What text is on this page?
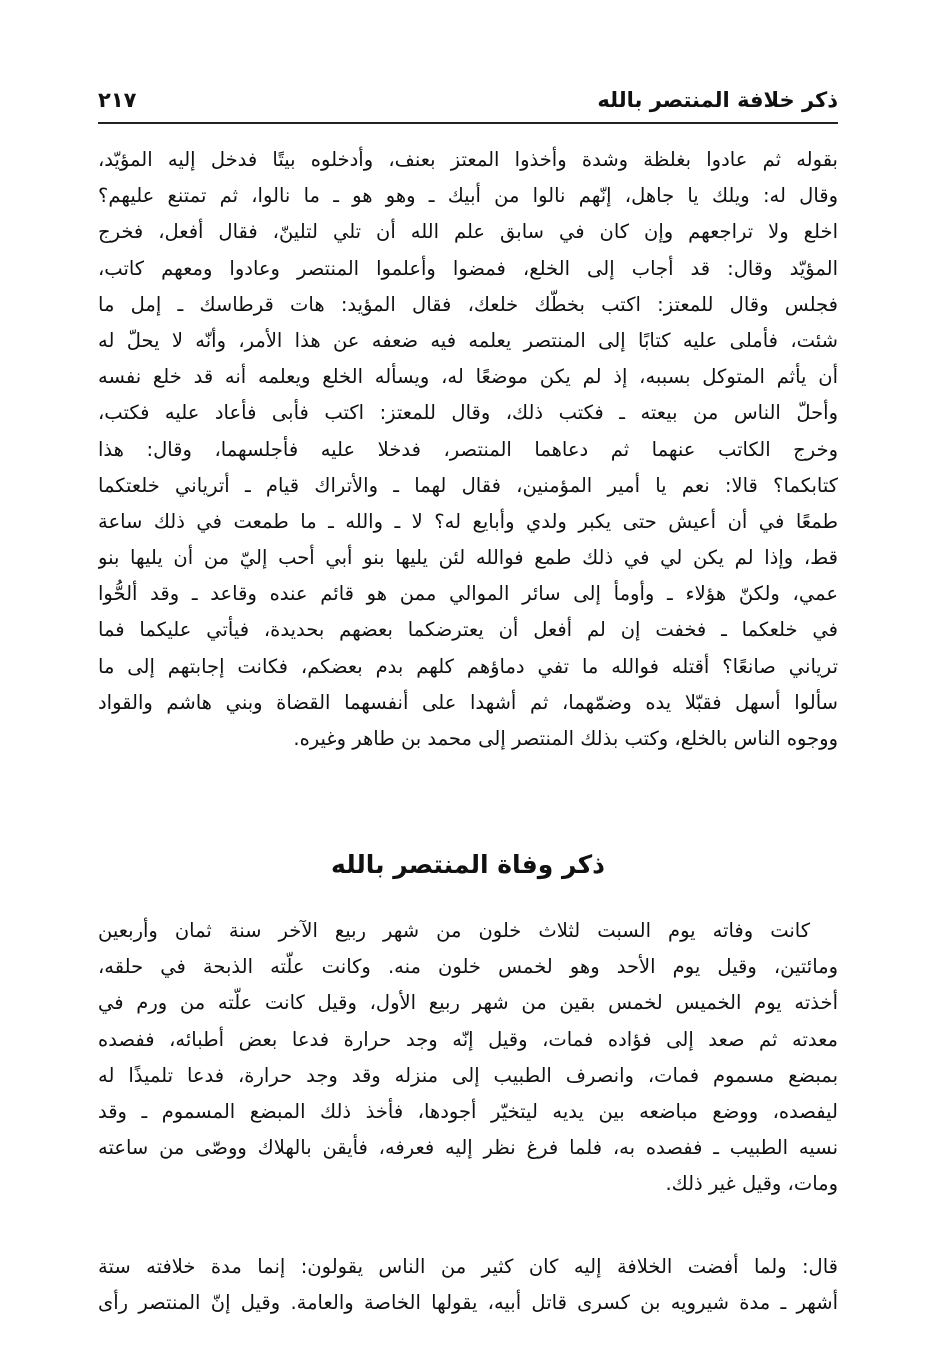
ذكر خلافة المنتصر بالله
٢١٧
بقوله ثم عادوا بغلظة وشدة وأخذوا المعتز بعنف، وأدخلوه بيتًا فدخل إليه المؤيّد،
وقال له: ويلك يا جاهل، إنّهم نالوا من أبيك ـ وهو هو ـ ما نالوا، ثم تمتنع عليهم؟
اخلع ولا تراجعهم وإن كان في سابق علم الله أن تلي لتلينّ، فقال أفعل، فخرج
المؤيّد وقال: قد أجاب إلى الخلع، فمضوا وأعلموا المنتصر وعادوا ومعهم كاتب،
فجلس وقال للمعتز: اكتب بخطّك خلعك، فقال المؤيد: هات قرطاسك ـ إمل ما
شئت، فأملى عليه كتابًا إلى المنتصر يعلمه فيه ضعفه عن هذا الأمر، وأنّه لا يحلّ له
أن يأثم المتوكل بسببه، إذ لم يكن موضعًا له، ويسأله الخلع ويعلمه أنه قد خلع نفسه
وأحلّ الناس من بيعته ـ فكتب ذلك، وقال للمعتز: اكتب فأبى فأعاد عليه فكتب،
وخرج الكاتب عنهما ثم دعاهما المنتصر، فدخلا عليه فأجلسهما، وقال: هذا
كتابكما؟ قالا: نعم يا أمير المؤمنين، فقال لهما ـ والأتراك قيام ـ أترياني خلعتكما
طمعًا في أن أعيش حتى يكبر ولدي وأبايع له؟ لا ـ والله ـ ما طمعت في ذلك ساعة
قط، وإذا لم يكن لي في ذلك طمع فوالله لئن يليها بنو أبي أحب إليّ من أن يليها بنو
عمي، ولكنّ هؤلاء ـ وأومأ إلى سائر الموالي ممن هو قائم عنده وقاعد ـ وقد ألحُّوا
في خلعكما ـ فخفت إن لم أفعل أن يعترضكما بعضهم بحديدة، فيأتي عليكما فما
ترياني صانعًا؟ أقتله فوالله ما تفي دماؤهم كلهم بدم بعضكم، فكانت إجابتهم إلى ما
سألوا أسهل فقبّلا يده وضمّهما، ثم أشهدا على أنفسهما القضاة وبني هاشم والقواد
ووجوه الناس بالخلع، وكتب بذلك المنتصر إلى محمد بن طاهر وغيره.
ذكر وفاة المنتصر بالله
كانت وفاته يوم السبت لثلاث خلون من شهر ربيع الآخر سنة ثمان وأربعين
ومائتين، وقيل يوم الأحد وهو لخمس خلون منه. وكانت علّته الذبحة في حلقه،
أخذته يوم الخميس لخمس بقين من شهر ربيع الأول، وقيل كانت علّته من ورم في
معدته ثم صعد إلى فؤاده فمات، وقيل إنّه وجد حرارة فدعا بعض أطبائه، ففصده
بمبضع مسموم فمات، وانصرف الطبيب إلى منزله وقد وجد حرارة، فدعا تلميذًا له
ليفصده، ووضع مباضعه بين يديه ليتخيّر أجودها، فأخذ ذلك المبضع المسموم ـ وقد
نسيه الطبيب ـ ففصده به، فلما فرغ نظر إليه فعرفه، فأيقن بالهلاك ووصّى من ساعته
ومات، وقيل غير ذلك.
قال: ولما أفضت الخلافة إليه كان كثير من الناس يقولون: إنما مدة خلافته ستة
أشهر ـ مدة شيرويه بن كسرى قاتل أبيه، يقولها الخاصة والعامة. وقيل إنّ المنتصر رأى
